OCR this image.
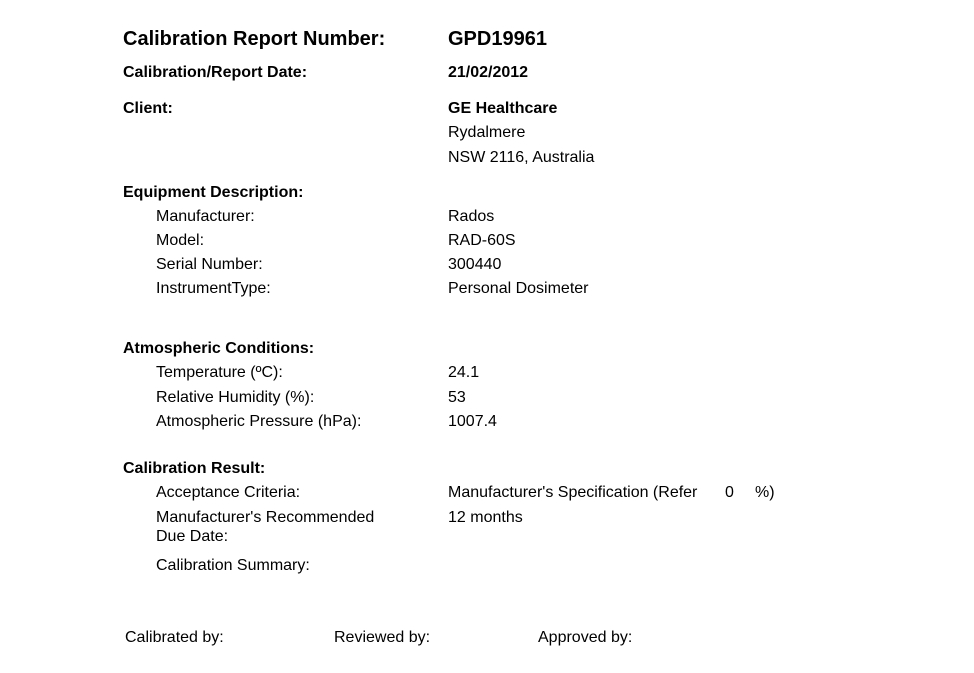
Calibration Report Number:	GPD19961
Calibration/Report Date:	21/02/2012
Client:	GE Healthcare
Rydalmere
NSW 2116, Australia
Equipment Description:
Manufacturer:	Rados
Model:	RAD-60S
Serial Number:	300440
InstrumentType:	Personal Dosimeter
Atmospheric Conditions:
Temperature (ºC):	24.1
Relative Humidity (%):	53
Atmospheric Pressure (hPa):	1007.4
Calibration Result:
Acceptance Criteria:	Manufacturer's Specification (Refer 0 %)
Manufacturer's Recommended
Due Date:
12 months
Calibration Summary:
Calibrated by:	Reviewed by:	Approved by:
